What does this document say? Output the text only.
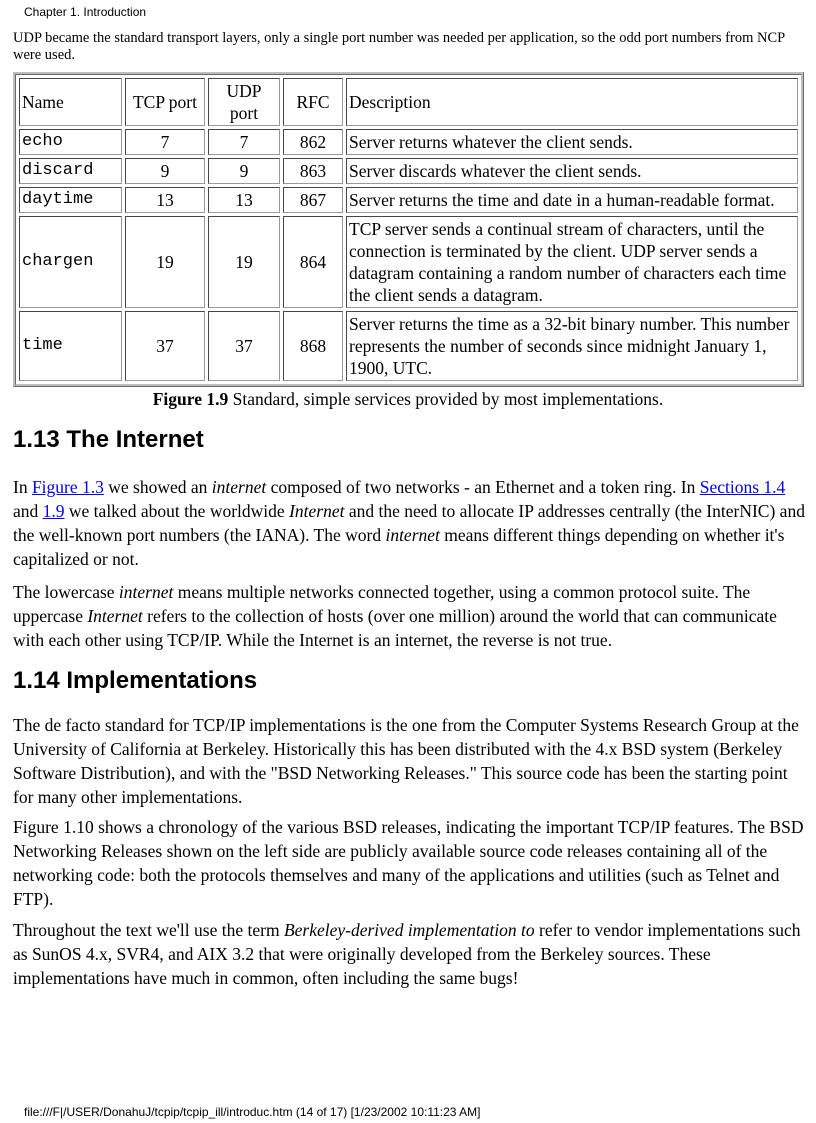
Chapter 1. Introduction
UDP became the standard transport layers, only a single port number was needed per application, so the odd port numbers from NCP were used.
Name	TCP port	UDP port	RFC	Description
echo	7	7	862	Server returns whatever the client sends.
discard	9	9	863	Server discards whatever the client sends.
daytime	13	13	867	Server returns the time and date in a human-readable format.
chargen	19	19	864	TCP server sends a continual stream of characters, until the connection is terminated by the client. UDP server sends a datagram containing a random number of characters each time the client sends a datagram.
time	37	37	868	Server returns the time as a 32-bit binary number. This number represents the number of seconds since midnight January 1, 1900, UTC.
Figure 1.9 Standard, simple services provided by most implementations.
1.13 The Internet

In Figure 1.3 we showed an internet composed of two networks - an Ethernet and a token ring. In Sections 1.4 and 1.9 we talked about the worldwide Internet and the need to allocate IP addresses centrally (the InterNIC) and the well-known port numbers (the IANA). The word internet means different things depending on whether it's capitalized or not.

The lowercase internet means multiple networks connected together, using a common protocol suite. The uppercase Internet refers to the collection of hosts (over one million) around the world that can communicate with each other using TCP/IP. While the Internet is an internet, the reverse is not true.

1.14 Implementations

The de facto standard for TCP/IP implementations is the one from the Computer Systems Research Group at the University of California at Berkeley. Historically this has been distributed with the 4.x BSD system (Berkeley Software Distribution), and with the "BSD Networking Releases." This source code has been the starting point for many other implementations.

Figure 1.10 shows a chronology of the various BSD releases, indicating the important TCP/IP features. The BSD Networking Releases shown on the left side are publicly available source code releases containing all of the networking code: both the protocols themselves and many of the applications and utilities (such as Telnet and FTP).

Throughout the text we'll use the term Berkeley-derived implementation to refer to vendor implementations such as SunOS 4.x, SVR4, and AIX 3.2 that were originally developed from the Berkeley sources. These implementations have much in common, often including the same bugs!

file:///F|/USER/DonahuJ/tcpip/tcpip_ill/introduc.htm (14 of 17) [1/23/2002 10:11:23 AM]
